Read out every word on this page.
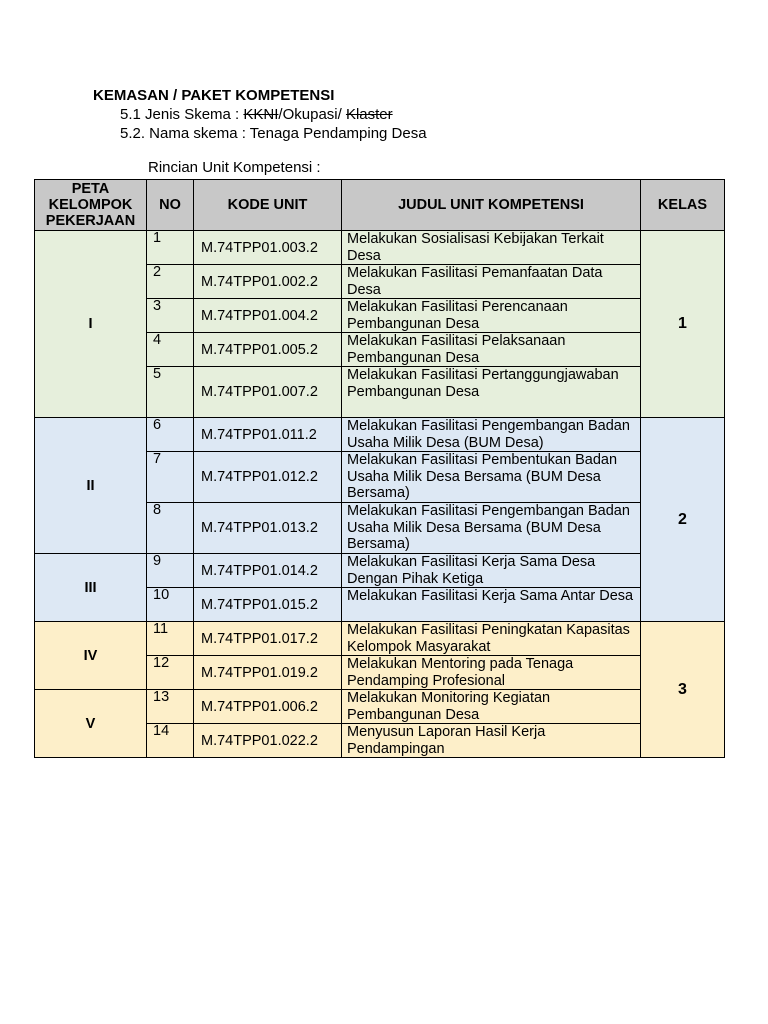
KEMASAN / PAKET KOMPETENSI
5.1 Jenis Skema : KKNI/Okupasi/ Klaster
5.2. Nama skema : Tenaga Pendamping Desa
Rincian Unit Kompetensi :
PETA KELOMPOK PEKERJAAN	NO	KODE UNIT	JUDUL UNIT KOMPETENSI	KELAS
I	1	M.74TPP01.003.2	Melakukan Sosialisasi Kebijakan Terkait Desa	1
	2	M.74TPP01.002.2	Melakukan Fasilitasi Pemanfaatan Data Desa	
	3	M.74TPP01.004.2	Melakukan Fasilitasi Perencanaan Pembangunan Desa	
	4	M.74TPP01.005.2	Melakukan Fasilitasi Pelaksanaan Pembangunan Desa	
	5	M.74TPP01.007.2	Melakukan Fasilitasi Pertanggungjawaban Pembangunan Desa	
II	6	M.74TPP01.011.2	Melakukan Fasilitasi Pengembangan Badan Usaha Milik Desa (BUM Desa)	2
	7	M.74TPP01.012.2	Melakukan Fasilitasi Pembentukan Badan Usaha Milik Desa Bersama (BUM Desa Bersama)	
	8	M.74TPP01.013.2	Melakukan Fasilitasi Pengembangan Badan Usaha Milik Desa Bersama (BUM Desa Bersama)	
III	9	M.74TPP01.014.2	Melakukan Fasilitasi Kerja Sama Desa Dengan Pihak Ketiga	
	10	M.74TPP01.015.2	Melakukan Fasilitasi Kerja Sama Antar Desa	
IV	11	M.74TPP01.017.2	Melakukan Fasilitasi Peningkatan Kapasitas Kelompok Masyarakat	3
	12	M.74TPP01.019.2	Melakukan Mentoring pada Tenaga Pendamping Profesional	
V	13	M.74TPP01.006.2	Melakukan Monitoring Kegiatan Pembangunan Desa	
	14	M.74TPP01.022.2	Menyusun Laporan Hasil Kerja Pendampingan	
